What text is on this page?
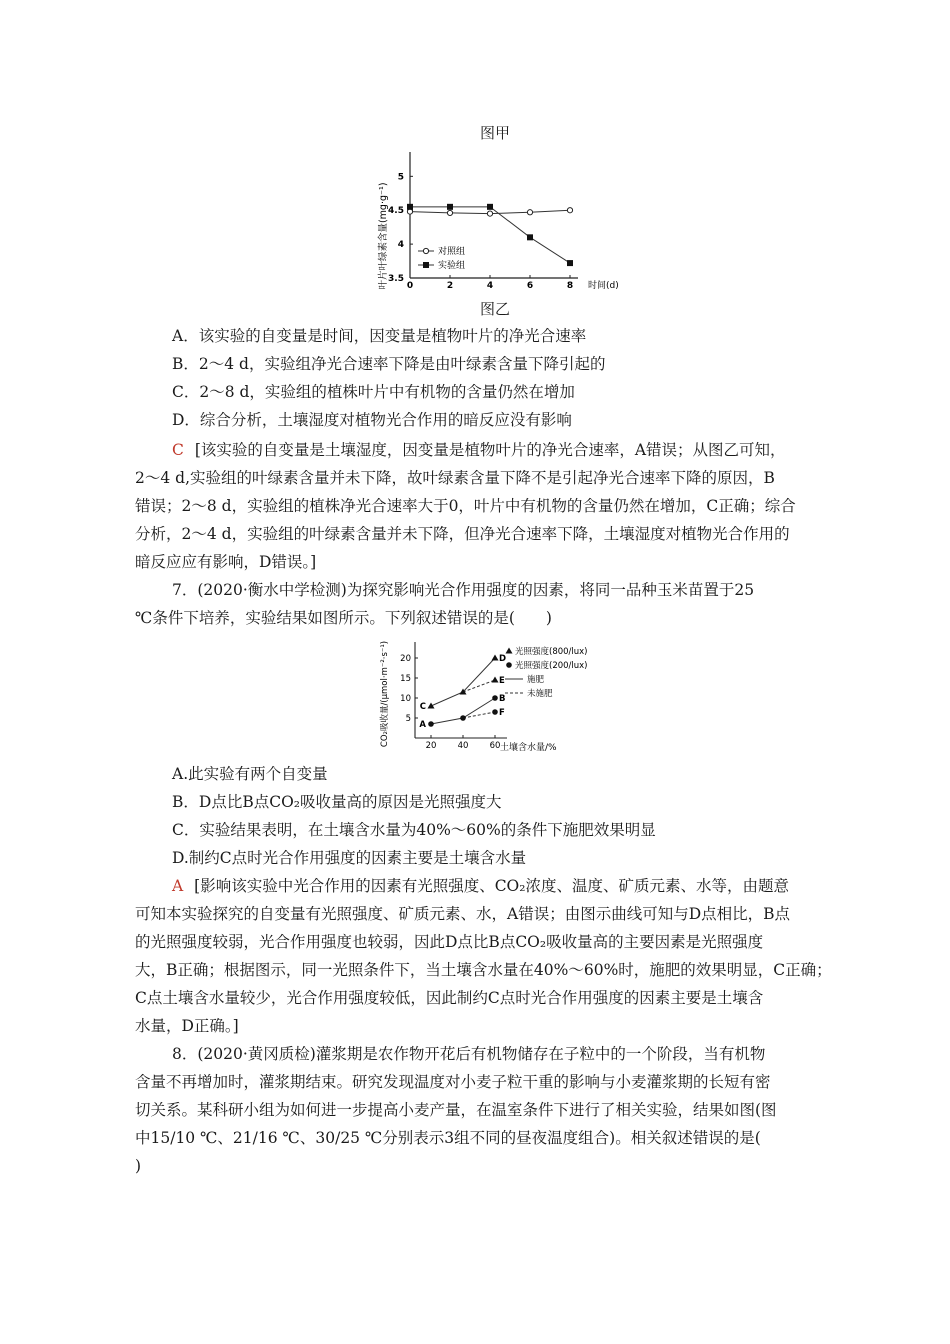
图甲
0	2	4	6	8
3.5
4
4.5
5
叶片叶绿素含量(mg·g⁻¹)	时间(d)
对照组
实验组
图乙
A．该实验的自变量是时间，因变量是植物叶片的净光合速率
B．2～4 d，实验组净光合速率下降是由叶绿素含量下降引起的
C．2～8 d，实验组的植株叶片中有机物的含量仍然在增加
D．综合分析，土壤湿度对植物光合作用的暗反应没有影响
C [该实验的自变量是土壤湿度，因变量是植物叶片的净光合速率，A错误；从图乙可知，
2～4 d,实验组的叶绿素含量并未下降，故叶绿素含量下降不是引起净光合速率下降的原因，B
错误；2～8 d，实验组的植株净光合速率大于0，叶片中有机物的含量仍然在增加，C正确；综合
分析，2～4 d，实验组的叶绿素含量并未下降，但净光合速率下降，土壤湿度对植物光合作用的
暗反应应有影响，D错误。]
7．(2020·衡水中学检测)为探究影响光合作用强度的因素，将同一品种玉米苗置于25
℃条件下培养，实验结果如图所示。下列叙述错误的是(　　)
20 40 60
5
10
15
20
A
B
C
D
E
F
CO₂吸收量/(μmol·m⁻²·s⁻¹)
土壤含水量/%
光照强度(800/lux)
光照强度(200/lux)
施肥
未施肥
A.此实验有两个自变量
B．D点比B点CO₂吸收量高的原因是光照强度大
C．实验结果表明，在土壤含水量为40%～60%的条件下施肥效果明显
D.制约C点时光合作用强度的因素主要是土壤含水量
A [影响该实验中光合作用的因素有光照强度、CO₂浓度、温度、矿质元素、水等，由题意
可知本实验探究的自变量有光照强度、矿质元素、水，A错误；由图示曲线可知与D点相比，B点
的光照强度较弱，光合作用强度也较弱，因此D点比B点CO₂吸收量高的主要因素是光照强度
大，B正确；根据图示，同一光照条件下，当土壤含水量在40%～60%时，施肥的效果明显，C正确；
C点土壤含水量较少，光合作用强度较低，因此制约C点时光合作用强度的因素主要是土壤含
水量，D正确。]
8．(2020·黄冈质检)灌浆期是农作物开花后有机物储存在子粒中的一个阶段，当有机物
含量不再增加时，灌浆期结束。研究发现温度对小麦子粒干重的影响与小麦灌浆期的长短有密
切关系。某科研小组为如何进一步提高小麦产量，在温室条件下进行了相关实验，结果如图(图
中15/10 ℃、21/16 ℃、30/25 ℃分别表示3组不同的昼夜温度组合)。相关叙述错误的是(
)
